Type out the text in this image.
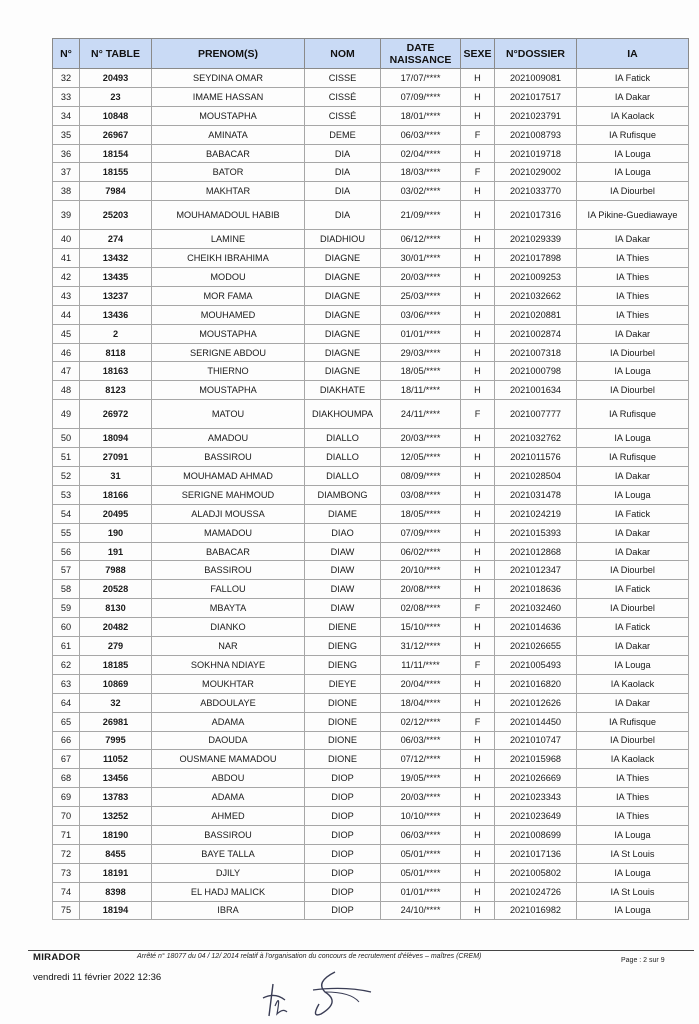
N°	N° TABLE	PRENOM(S)	NOM	DATE NAISSANCE	SEXE	N°DOSSIER	IA
32	20493	SEYDINA OMAR	CISSE	17/07/****	H	2021009081	IA Fatick
33	23	IMAME HASSAN	CISSÉ	07/09/****	H	2021017517	IA Dakar
34	10848	MOUSTAPHA	CISSÉ	18/01/****	H	2021023791	IA Kaolack
35	26967	AMINATA	DEME	06/03/****	F	2021008793	IA Rufisque
36	18154	BABACAR	DIA	02/04/****	H	2021019718	IA Louga
37	18155	BATOR	DIA	18/03/****	F	2021029002	IA Louga
38	7984	MAKHTAR	DIA	03/02/****	H	2021033770	IA Diourbel
39	25203	MOUHAMADOUL HABIB	DIA	21/09/****	H	2021017316	IA Pikine-Guediawaye
40	274	LAMINE	DIADHIOU	06/12/****	H	2021029339	IA Dakar
41	13432	CHEIKH IBRAHIMA	DIAGNE	30/01/****	H	2021017898	IA Thies
42	13435	MODOU	DIAGNE	20/03/****	H	2021009253	IA Thies
43	13237	MOR FAMA	DIAGNE	25/03/****	H	2021032662	IA Thies
44	13436	MOUHAMED	DIAGNE	03/06/****	H	2021020881	IA Thies
45	2	MOUSTAPHA	DIAGNE	01/01/****	H	2021002874	IA Dakar
46	8118	SERIGNE ABDOU	DIAGNE	29/03/****	H	2021007318	IA Diourbel
47	18163	THIERNO	DIAGNE	18/05/****	H	2021000798	IA Louga
48	8123	MOUSTAPHA	DIAKHATE	18/11/****	H	2021001634	IA Diourbel
49	26972	MATOU	DIAKHOUMPA	24/11/****	F	2021007777	IA Rufisque
50	18094	AMADOU	DIALLO	20/03/****	H	2021032762	IA Louga
51	27091	BASSIROU	DIALLO	12/05/****	H	2021011576	IA Rufisque
52	31	MOUHAMAD AHMAD	DIALLO	08/09/****	H	2021028504	IA Dakar
53	18166	SERIGNE MAHMOUD	DIAMBONG	03/08/****	H	2021031478	IA Louga
54	20495	ALADJI MOUSSA	DIAME	18/05/****	H	2021024219	IA Fatick
55	190	MAMADOU	DIAO	07/09/****	H	2021015393	IA Dakar
56	191	BABACAR	DIAW	06/02/****	H	2021012868	IA Dakar
57	7988	BASSIROU	DIAW	20/10/****	H	2021012347	IA Diourbel
58	20528	FALLOU	DIAW	20/08/****	H	2021018636	IA Fatick
59	8130	MBAYTA	DIAW	02/08/****	F	2021032460	IA Diourbel
60	20482	DIANKO	DIENE	15/10/****	H	2021014636	IA Fatick
61	279	NAR	DIENG	31/12/****	H	2021026655	IA Dakar
62	18185	SOKHNA NDIAYE	DIENG	11/11/****	F	2021005493	IA Louga
63	10869	MOUKHTAR	DIEYE	20/04/****	H	2021016820	IA Kaolack
64	32	ABDOULAYE	DIONE	18/04/****	H	2021012626	IA Dakar
65	26981	ADAMA	DIONE	02/12/****	F	2021014450	IA Rufisque
66	7995	DAOUDA	DIONE	06/03/****	H	2021010747	IA Diourbel
67	11052	OUSMANE MAMADOU	DIONE	07/12/****	H	2021015968	IA Kaolack
68	13456	ABDOU	DIOP	19/05/****	H	2021026669	IA Thies
69	13783	ADAMA	DIOP	20/03/****	H	2021023343	IA Thies
70	13252	AHMED	DIOP	10/10/****	H	2021023649	IA Thies
71	18190	BASSIROU	DIOP	06/03/****	H	2021008699	IA Louga
72	8455	BAYE TALLA	DIOP	05/01/****	H	2021017136	IA St Louis
73	18191	DJILY	DIOP	05/01/****	H	2021005802	IA Louga
74	8398	EL HADJ MALICK	DIOP	01/01/****	H	2021024726	IA St Louis
75	18194	IBRA	DIOP	24/10/****	H	2021016982	IA Louga
MIRADOR	Arrêté n° 18077 du 04 / 12/ 2014 relatif à l'organisation du concours de recrutement d'élèves – maîtres (CREM)
Page : 2 sur 9
vendredi 11 février 2022 12:36
